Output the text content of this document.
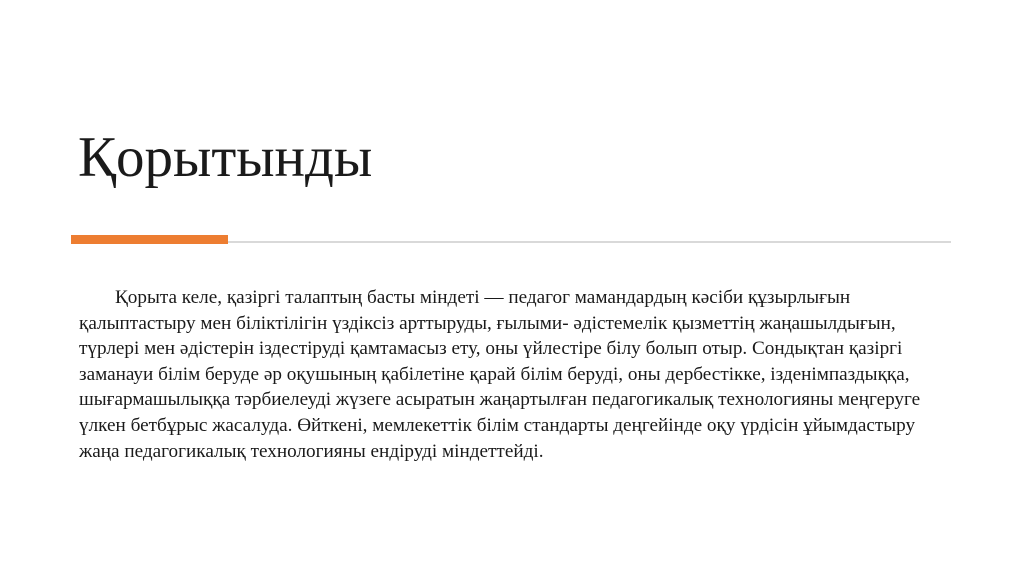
Қорытынды

Қорыта келе, қазіргі талаптың басты міндеті — педагог мамандардың кәсіби құзырлығын қалыптастыру мен біліктілігін үздіксіз арттыруды, ғылыми- әдістемелік қызметтің жаңашылдығын, түрлері мен әдістерін іздестіруді қамтамасыз ету, оны үйлестіре білу болып отыр. Сондықтан қазіргі заманауи білім беруде әр оқушының қабілетіне қарай білім беруді, оны дербестікке, ізденімпаздыққа, шығармашылыққа тәрбиелеуді жүзеге асыратын жаңартылған педагогикалық технологияны меңгеруге үлкен бетбұрыс жасалуда. Өйткені, мемлекеттік білім стандарты деңгейінде оқу үрдісін ұйымдастыру жаңа педагогикалық технологияны ендіруді міндеттейді.
